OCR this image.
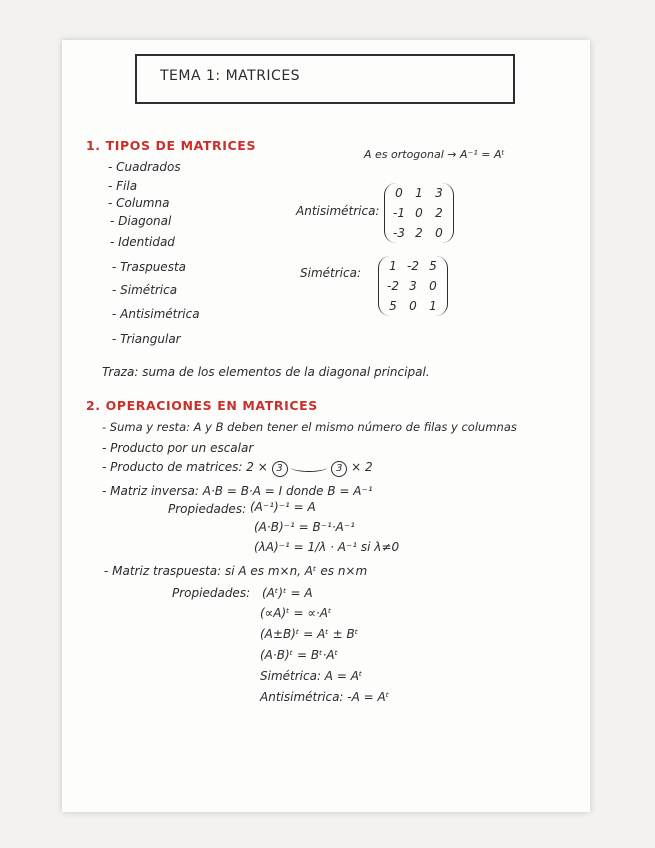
TEMA 1: MATRICES
1. TIPOS DE MATRICES
A es ortogonal → A⁻¹ = Aᵗ
- Cuadrados
- Fila
- Columna
- Diagonal
- Identidad
- Traspuesta
- Simétrica
- Antisimétrica
- Triangular
Antisimétrica:
0 1 3
-1 0 2
-3 2 0
Simétrica: 1 -2 5
-2 3 0
5 0 1
Traza: suma de los elementos de la diagonal principal.
2. OPERACIONES EN MATRICES
- Suma y resta: A y B deben tener el mismo número de filas y columnas
- Producto por un escalar
- Producto de matrices: 2 × 3	3 × 2
- Matriz inversa: A·B = B·A = I donde B = A⁻¹
Propiedades: (A⁻¹)⁻¹ = A
(A·B)⁻¹ = B⁻¹·A⁻¹
(λA)⁻¹ = 1/λ · A⁻¹ si λ≠0
- Matriz traspuesta: si A es m×n, Aᵗ es n×m
Propiedades: (Aᵗ)ᵗ = A
(∝A)ᵗ = ∝·Aᵗ
(A±B)ᵗ = Aᵗ ± Bᵗ
(A·B)ᵗ = Bᵗ·Aᵗ
Simétrica: A = Aᵗ
Antisimétrica: -A = Aᵗ
